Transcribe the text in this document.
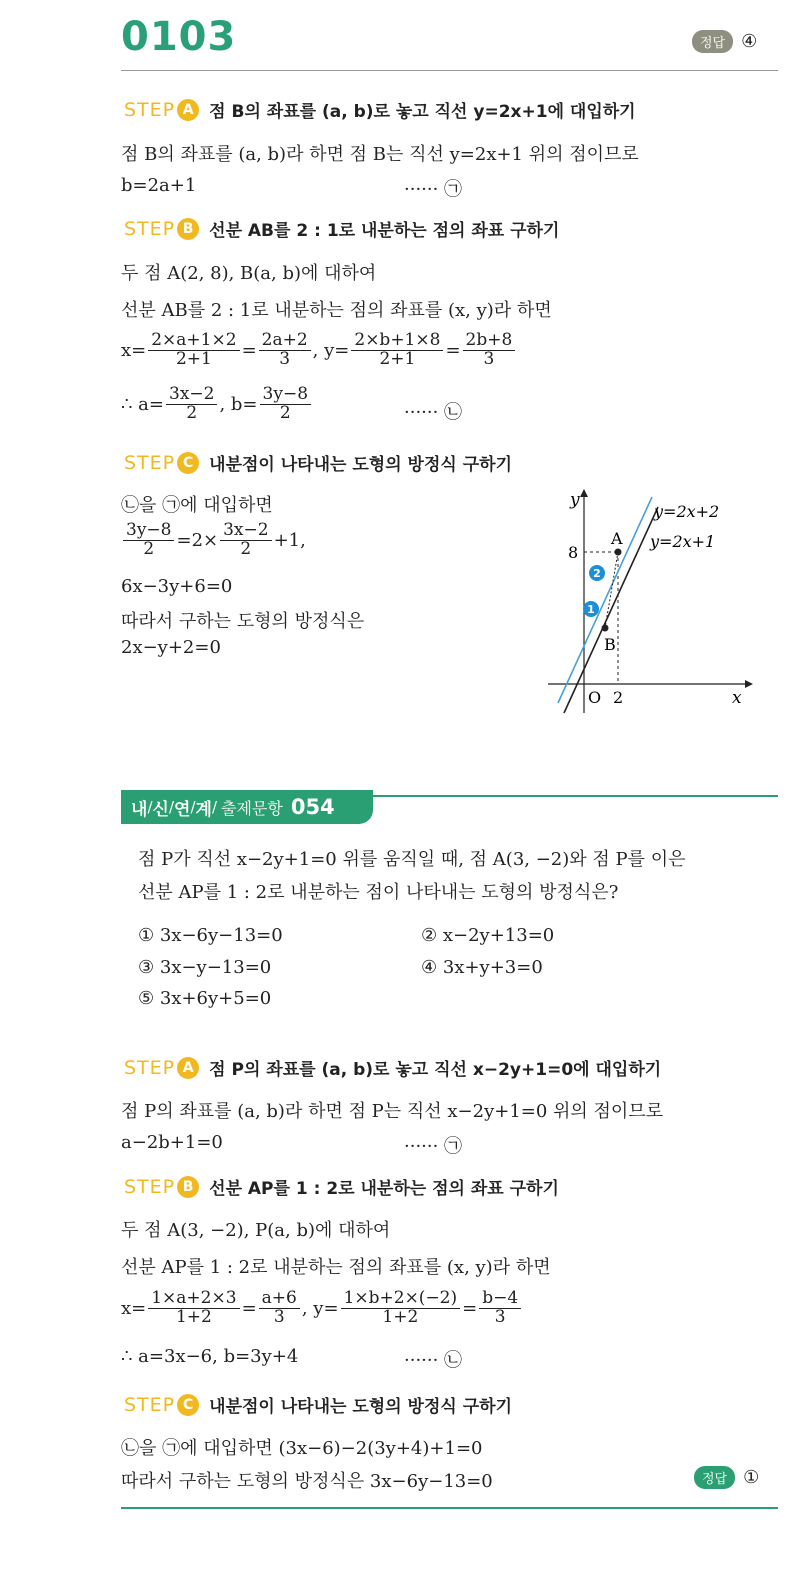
0103	정답 ④
STEP A 점 B의 좌표를 (a, b)로 놓고 직선 y=2x+1에 대입하기
점 B의 좌표를 (a, b)라 하면 점 B는 직선 y=2x+1 위의 점이므로
b=2a+1	······ ㉠
STEP B 선분 AB를 2 : 1로 내분하는 점의 좌표 구하기
두 점 A(2, 8), B(a, b)에 대하여
선분 AB를 2 : 1로 내분하는 점의 좌표를 (x, y)라 하면
$x= \frac{2\times a+1\times 2}{2+1} = \frac{2a+2}{3}$ , $y= \frac{2\times b+1\times 8}{2+1} = \frac{2b+8}{3}$
∴ $a= \frac{3x-2}{2}$ , $b= \frac{3y-8}{2}$	······ ㉡
STEP C 내분점이 나타내는 도형의 방정식 구하기
㉡을 ㉠에 대입하면
$\frac{3y-8}{2} =2\times \frac{3x-2}{2} +1$,
6x−3y+6=0
따라서 구하는 도형의 방정식은
2x−y+2=0
2
1
y
x
O 2
8
A
B
y=2x+2
y=2x+1
내 / 신 / 연 / 계 / 출제문항 054
점 P가 직선 x−2y+1=0 위를 움직일 때, 점 A(3, −2)와 점 P를 이은
선분 AP를 1 : 2로 내분하는 점이 나타내는 도형의 방정식은?
① 3x−6y−13=0	② x−2y+13=0
③ 3x−y−13=0	④ 3x+y+3=0
⑤ 3x+6y+5=0
STEP A 점 P의 좌표를 (a, b)로 놓고 직선 x−2y+1=0에 대입하기
점 P의 좌표를 (a, b)라 하면 점 P는 직선 x−2y+1=0 위의 점이므로
a−2b+1=0	······ ㉠
STEP B 선분 AP를 1 : 2로 내분하는 점의 좌표 구하기
두 점 A(3, −2), P(a, b)에 대하여
선분 AP를 1 : 2로 내분하는 점의 좌표를 (x, y)라 하면
$x= \frac{1\times a+2\times 3}{1+2} = \frac{a+6}{3}$ , $y= \frac{1\times b+2\times(-2)}{1+2} = \frac{b-4}{3}$
∴ a=3x−6, b=3y+4	······ ㉡
STEP C 내분점이 나타내는 도형의 방정식 구하기
㉡을 ㉠에 대입하면 (3x−6)−2(3y+4)+1=0
따라서 구하는 도형의 방정식은 3x−6y−13=0	정답 ①
